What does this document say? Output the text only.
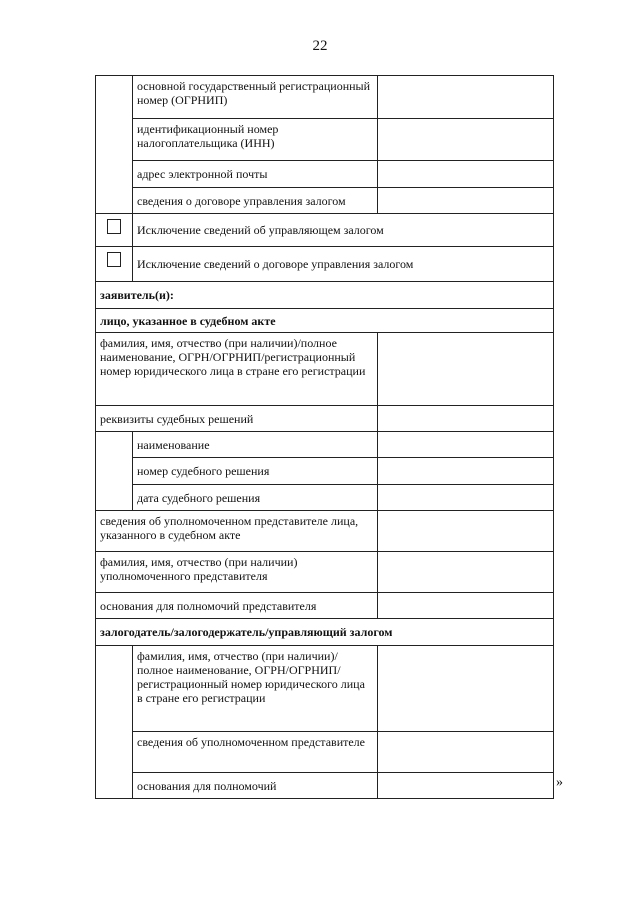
22
	основной государственный регистрационный номер (ОГРНИП)	
	идентификационный номер налогоплательщика (ИНН)	
	адрес электронной почты	
	сведения о договоре управления залогом	

	Исключение сведений об управляющем залогом	

	Исключение сведений о договоре управления залогом	
заявитель(и):		
лицо, указанное в судебном акте		
фамилия, имя, отчество (при наличии)/полное наименование, ОГРН/ОГРНИП/регистрационный номер юридического лица в стране его регистрации		
реквизиты судебных решений		
	наименование	
	номер судебного решения	
	дата судебного решения	
сведения об уполномоченном представителе лица, указанного в судебном акте		
фамилия, имя, отчество (при наличии) уполномоченного представителя		
основания для полномочий представителя		
залогодатель/залогодержатель/управляющий залогом		
	фамилия, имя, отчество (при наличии)/полное наименование, ОГРН/ОГРНИП/регистрационный номер юридического лица в стране его регистрации	
	сведения об уполномоченном представителе	
	основания для полномочий		»
